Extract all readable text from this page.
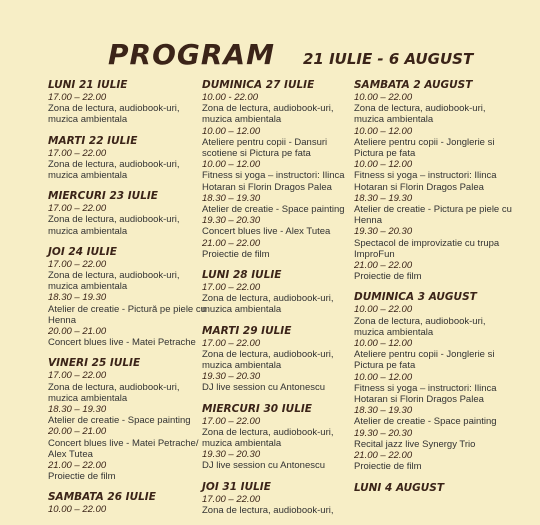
PROGRAM 21 IULIE - 6 AUGUST
LUNI 21 IULIE
17.00 – 22.00
Zona de lectura, audiobook-uri, muzica ambientala
MARTI 22 IULIE
17.00 – 22.00
Zona de lectura, audiobook-uri, muzica ambientala
MIERCURI 23 IULIE
17.00 – 22.00
Zona de lectura, audiobook-uri, muzica ambientala
JOI 24 IULIE
17.00 – 22.00
Zona de lectura, audiobook-uri, muzica ambientala
18.30 – 19.30
Atelier de creatie - Pictură pe piele cu Henna
20.00 – 21.00
Concert blues live - Matei Petrache
VINERI 25 IULIE
17.00 – 22.00
Zona de lectura, audiobook-uri, muzica ambientala
18.30 – 19.30
Atelier de creatie - Space painting
20.00 – 21.00
Concert blues live - Matei Petrache/ Alex Tutea
21.00 – 22.00
Proiectie de film
SAMBATA 26 IULIE
10.00 – 22.00
DUMINICA 27 IULIE
10.00 - 22.00
Zona de lectura, audiobook-uri, muzica ambientala
10.00 – 12.00
Ateliere pentru copii - Dansuri scotiene si Pictura pe fata
10.00 – 12.00
Fitness si yoga – instructori: Ilinca Hotaran si Florin Dragos Palea
18.30 – 19.30
Atelier de creatie - Space painting
19.30 – 20.30
Concert blues live - Alex Tutea
21.00 – 22.00
Proiectie de film
LUNI 28 IULIE
17.00 – 22.00
Zona de lectura, audiobook-uri, muzica ambientala
MARTI 29 IULIE
17.00 – 22.00
Zona de lectura, audiobook-uri, muzica ambientala
19.30 – 20.30
DJ live session cu Antonescu
MIERCURI 30 IULIE
17.00 – 22.00
Zona de lectura, audiobook-uri, muzica ambientala
19.30 – 20.30
DJ live session cu Antonescu
JOI 31 IULIE
17.00 – 22.00
Zona de lectura, audiobook-uri,
SAMBATA 2 AUGUST
10.00 – 22.00
Zona de lectura, audiobook-uri, muzica ambientala
10.00 – 12.00
Ateliere pentru copii - Jonglerie si Pictura pe fata
10.00 – 12.00
Fitness si yoga – instructori: Ilinca Hotaran si Florin Dragos Palea
18.30 – 19.30
Atelier de creatie - Pictura pe piele cu Henna
19.30 – 20.30
Spectacol de improvizatie cu trupa ImproFun
21.00 – 22.00
Proiectie de film
DUMINICA 3 AUGUST
10.00 – 22.00
Zona de lectura, audiobook-uri, muzica ambientala
10.00 – 12.00
Ateliere pentru copii - Jonglerie si Pictura pe fata
10.00 – 12.00
Fitness si yoga – instructori: Ilinca Hotaran si Florin Dragos Palea
18.30 – 19.30
Atelier de creatie - Space painting
19.30 – 20.30
Recital jazz live Synergy Trio
21.00 – 22.00
Proiectie de film
LUNI 4 AUGUST
